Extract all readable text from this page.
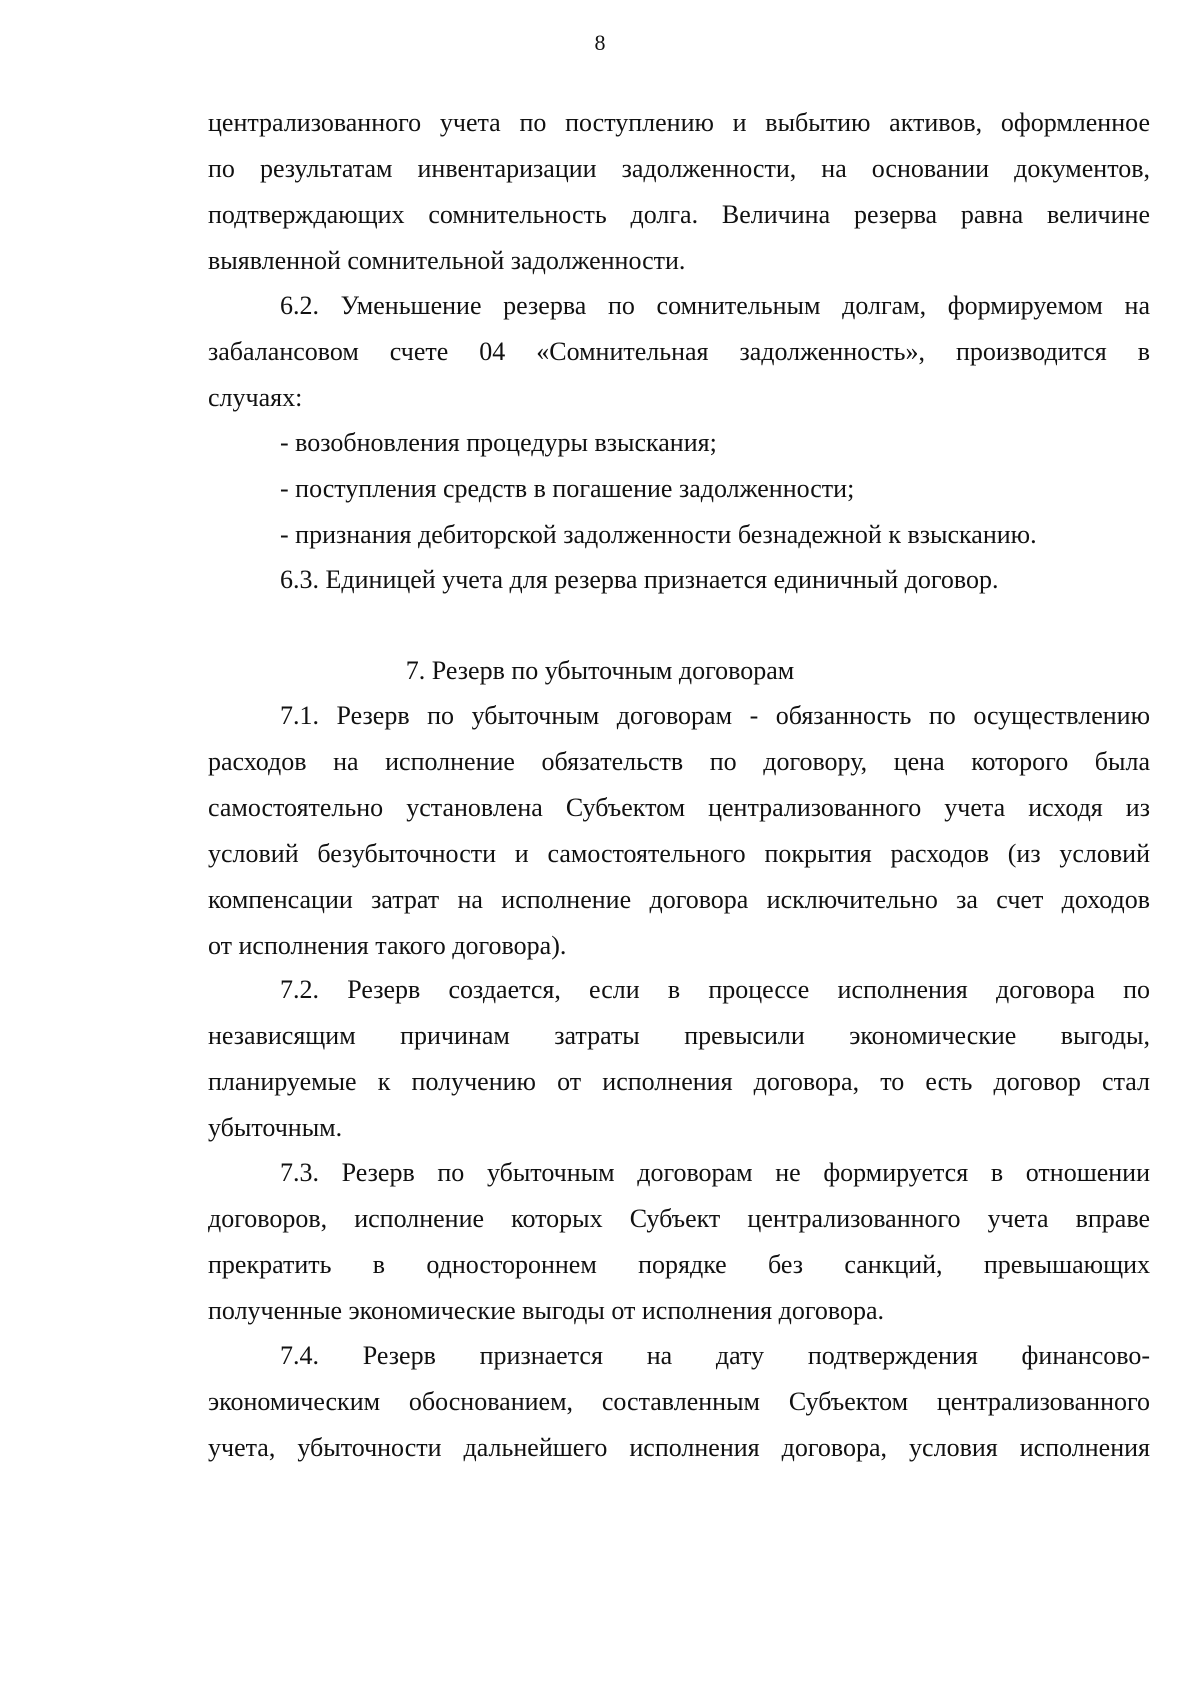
8
централизованного учета по поступлению и выбытию активов, оформленное
по результатам инвентаризации задолженности, на основании документов,
подтверждающих сомнительность долга. Величина резерва равна величине
выявленной сомнительной задолженности.
6.2. Уменьшение резерва по сомнительным долгам, формируемом на
забалансовом счете 04 «Сомнительная задолженность», производится в
случаях:
- возобновления процедуры взыскания;
- поступления средств в погашение задолженности;
- признания дебиторской задолженности безнадежной к взысканию.
6.3. Единицей учета для резерва признается единичный договор.
7. Резерв по убыточным договорам
7.1. Резерв по убыточным договорам - обязанность по осуществлению
расходов на исполнение обязательств по договору, цена которого была
самостоятельно установлена Субъектом централизованного учета исходя из
условий безубыточности и самостоятельного покрытия расходов (из условий
компенсации затрат на исполнение договора исключительно за счет доходов
от исполнения такого договора).
7.2. Резерв создается, если в процессе исполнения договора по
независящим причинам затраты превысили экономические выгоды,
планируемые к получению от исполнения договора, то есть договор стал
убыточным.
7.3. Резерв по убыточным договорам не формируется в отношении
договоров, исполнение которых Субъект централизованного учета вправе
прекратить в одностороннем порядке без санкций, превышающих
полученные экономические выгоды от исполнения договора.
7.4. Резерв признается на дату подтверждения финансово-
экономическим обоснованием, составленным Субъектом централизованного
учета, убыточности дальнейшего исполнения договора, условия исполнения
